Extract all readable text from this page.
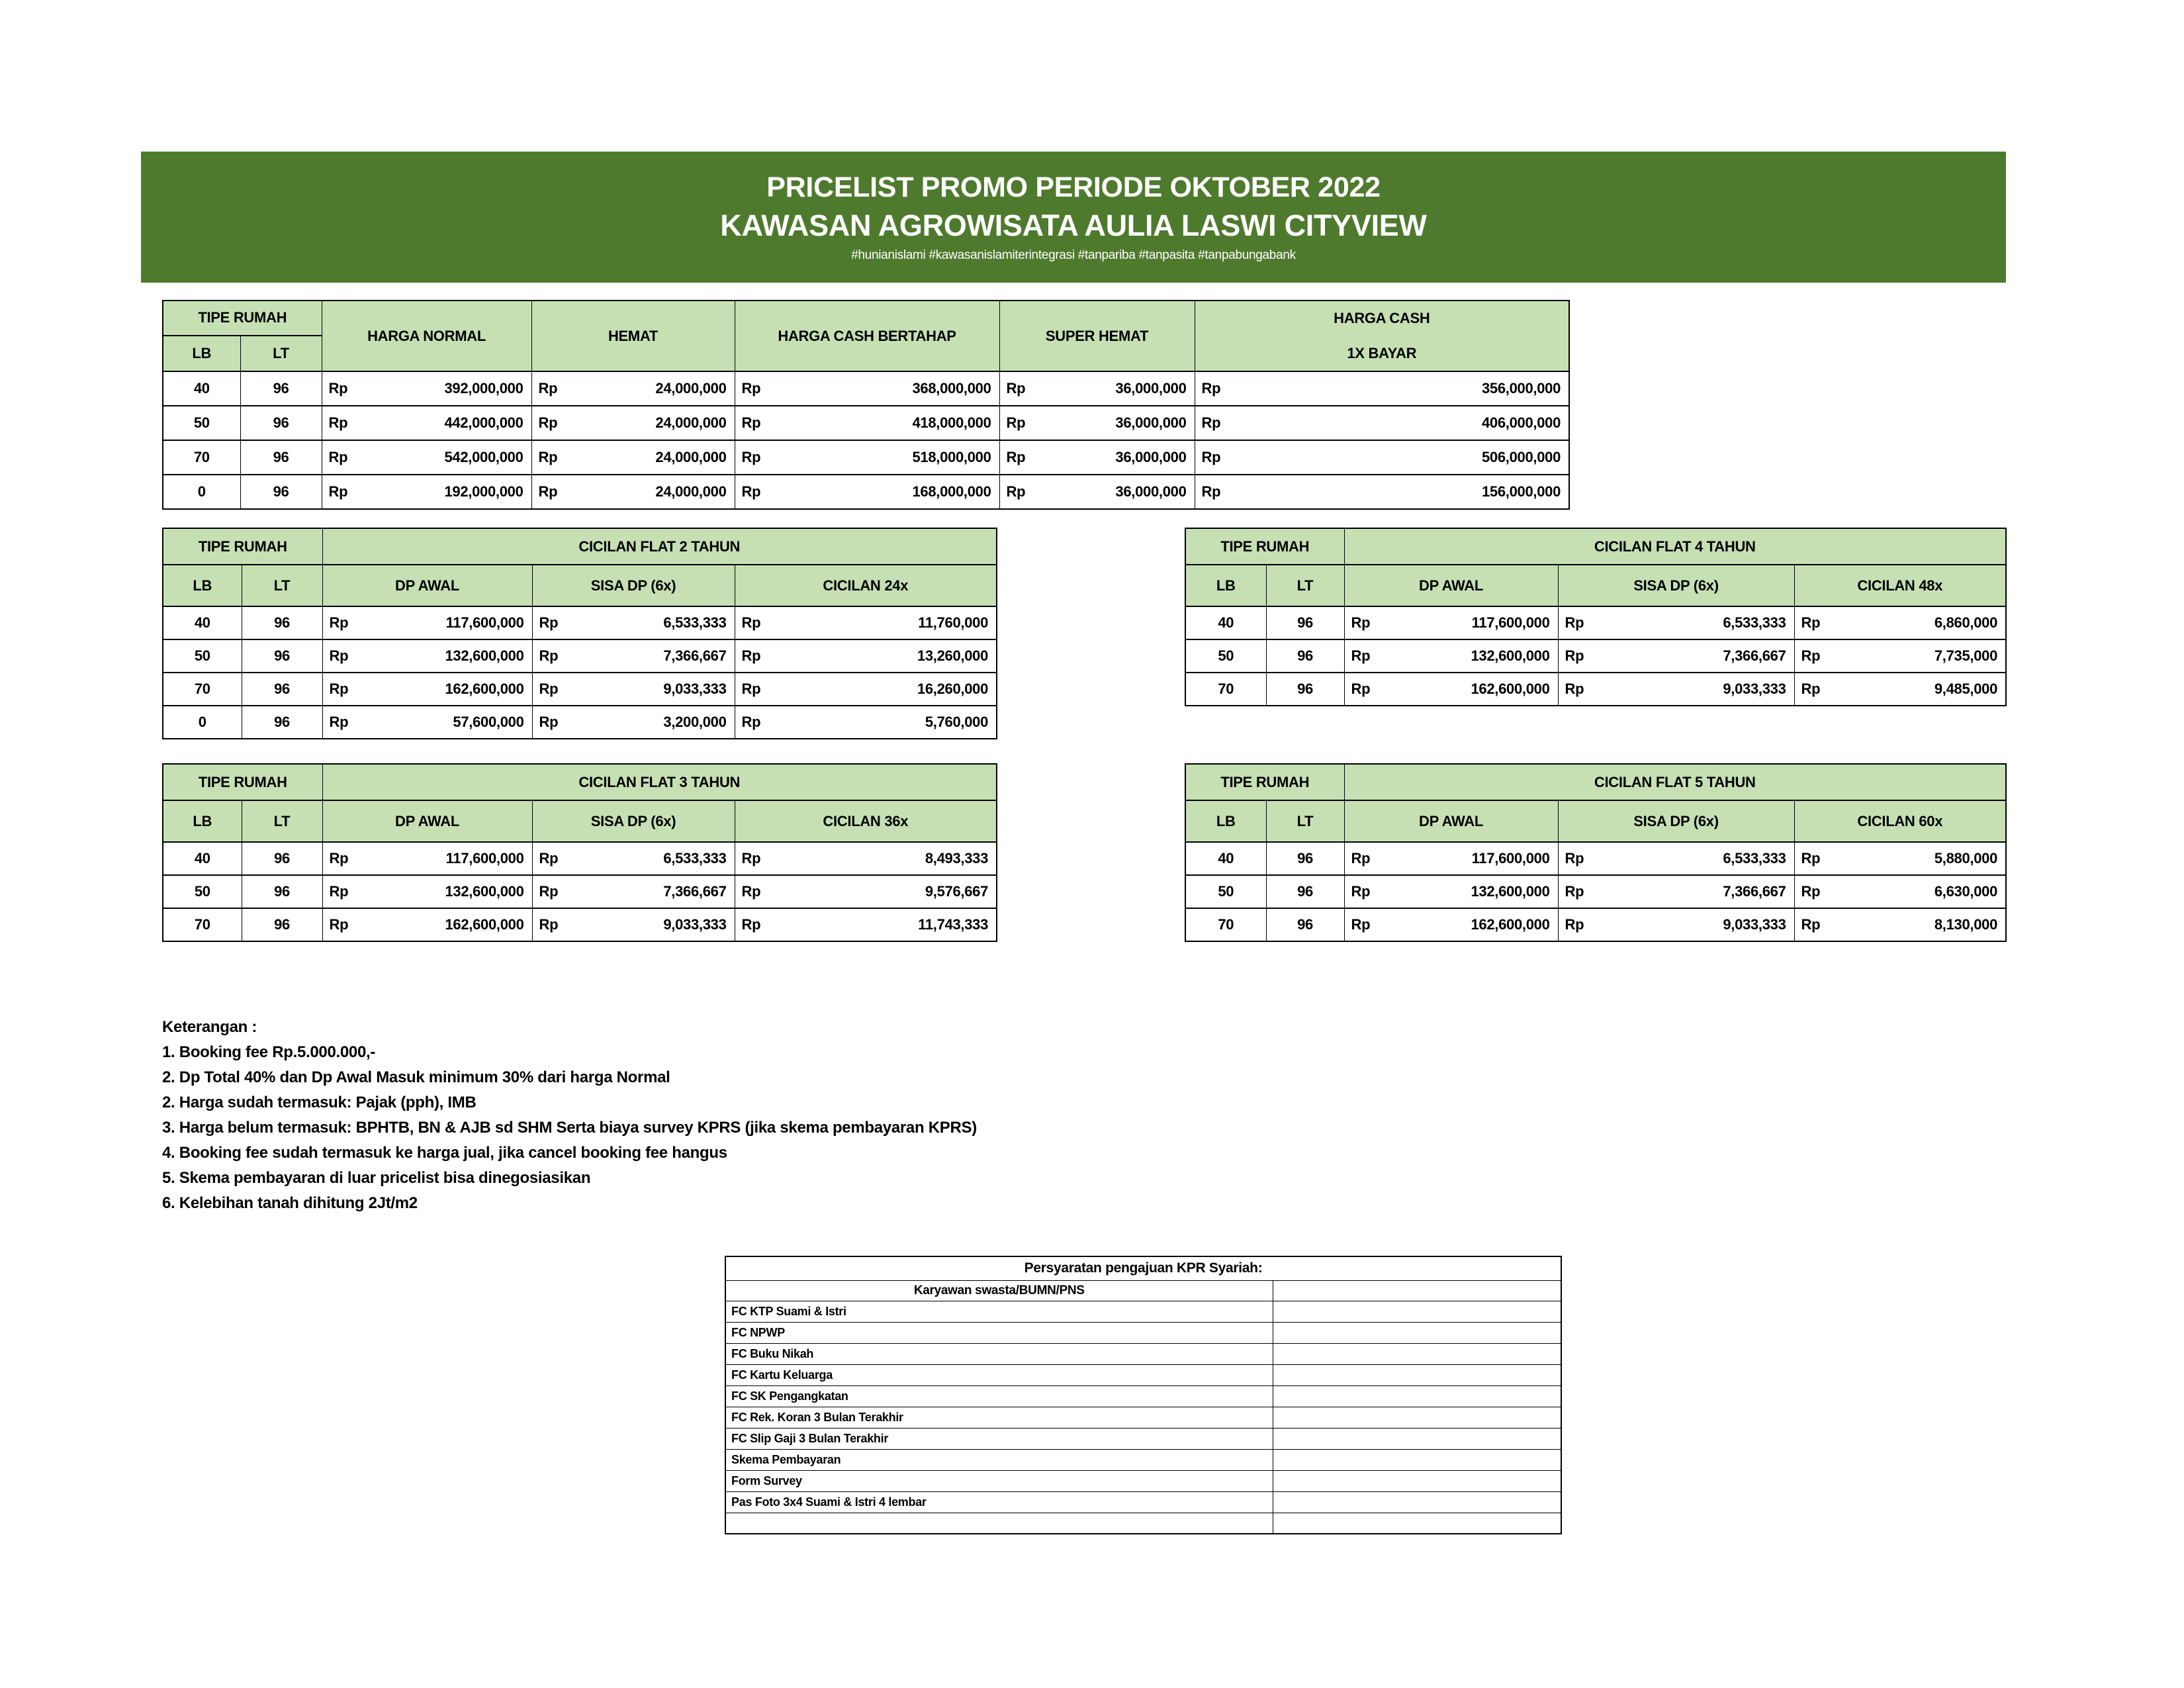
PRICELIST PROMO PERIODE OKTOBER 2022
KAWASAN AGROWISATA AULIA LASWI CITYVIEW
#hunianislami #kawasanislamiterintegrasi #tanpariba #tanpasita #tanpabungabank
TIPE RUMAH		HARGA NORMAL	HEMAT	HARGA CASH BERTAHAP	SUPER HEMAT	HARGA CASH
1X BAYAR

LB	LT					
40	96	Rp 392,000,000	Rp 24,000,000	Rp 368,000,000	Rp 36,000,000	Rp 356,000,000

50	96	Rp 442,000,000	Rp 24,000,000	Rp 418,000,000	Rp 36,000,000	Rp 406,000,000

70	96	Rp 542,000,000	Rp 24,000,000	Rp 518,000,000	Rp 36,000,000	Rp 506,000,000

0	96	Rp 192,000,000	Rp 24,000,000	Rp 168,000,000	Rp 36,000,000	Rp 156,000,000
TIPE RUMAH		CICILAN FLAT 2 TAHUN		
LB	LT	DP AWAL	SISA DP (6x)	CICILAN 24x
40	96	Rp 117,600,000	Rp 6,533,333	Rp 11,760,000

50	96	Rp 132,600,000	Rp 7,366,667	Rp 13,260,000

70	96	Rp 162,600,000	Rp 9,033,333	Rp 16,260,000

0	96	Rp 57,600,000	Rp 3,200,000	Rp 5,760,000
TIPE RUMAH		CICILAN FLAT 4 TAHUN		
LB	LT	DP AWAL	SISA DP (6x)	CICILAN 48x
40	96	Rp 117,600,000	Rp 6,533,333	Rp 6,860,000

50	96	Rp 132,600,000	Rp 7,366,667	Rp 7,735,000

70	96	Rp 162,600,000	Rp 9,033,333	Rp 9,485,000
TIPE RUMAH		CICILAN FLAT 3 TAHUN		
LB	LT	DP AWAL	SISA DP (6x)	CICILAN 36x
40	96	Rp 117,600,000	Rp 6,533,333	Rp 8,493,333

50	96	Rp 132,600,000	Rp 7,366,667	Rp 9,576,667

70	96	Rp 162,600,000	Rp 9,033,333	Rp 11,743,333
TIPE RUMAH		CICILAN FLAT 5 TAHUN		
LB	LT	DP AWAL	SISA DP (6x)	CICILAN 60x
40	96	Rp 117,600,000	Rp 6,533,333	Rp 5,880,000

50	96	Rp 132,600,000	Rp 7,366,667	Rp 6,630,000

70	96	Rp 162,600,000	Rp 9,033,333	Rp 8,130,000

Keterangan :

1. Booking fee Rp.5.000.000,-

2. Dp Total 40% dan Dp Awal Masuk minimum 30% dari harga Normal

2. Harga sudah termasuk: Pajak (pph), IMB

3. Harga belum termasuk: BPHTB, BN & AJB sd SHM Serta biaya survey KPRS (jika skema pembayaran KPRS)

4. Booking fee sudah termasuk ke harga jual, jika cancel booking fee hangus

5. Skema pembayaran di luar pricelist bisa dinegosiasikan

6. Kelebihan tanah dihitung 2Jt/m2

Persyaratan pengajuan KPR Syariah:	
Karyawan swasta/BUMN/PNS	
FC KTP Suami & Istri	
FC NPWP	
FC Buku Nikah	
FC Kartu Keluarga	
FC SK Pengangkatan	
FC Rek. Koran 3 Bulan Terakhir	
FC Slip Gaji 3 Bulan Terakhir	
Skema Pembayaran	
Form Survey	
Pas Foto 3x4 Suami & Istri 4 lembar	
